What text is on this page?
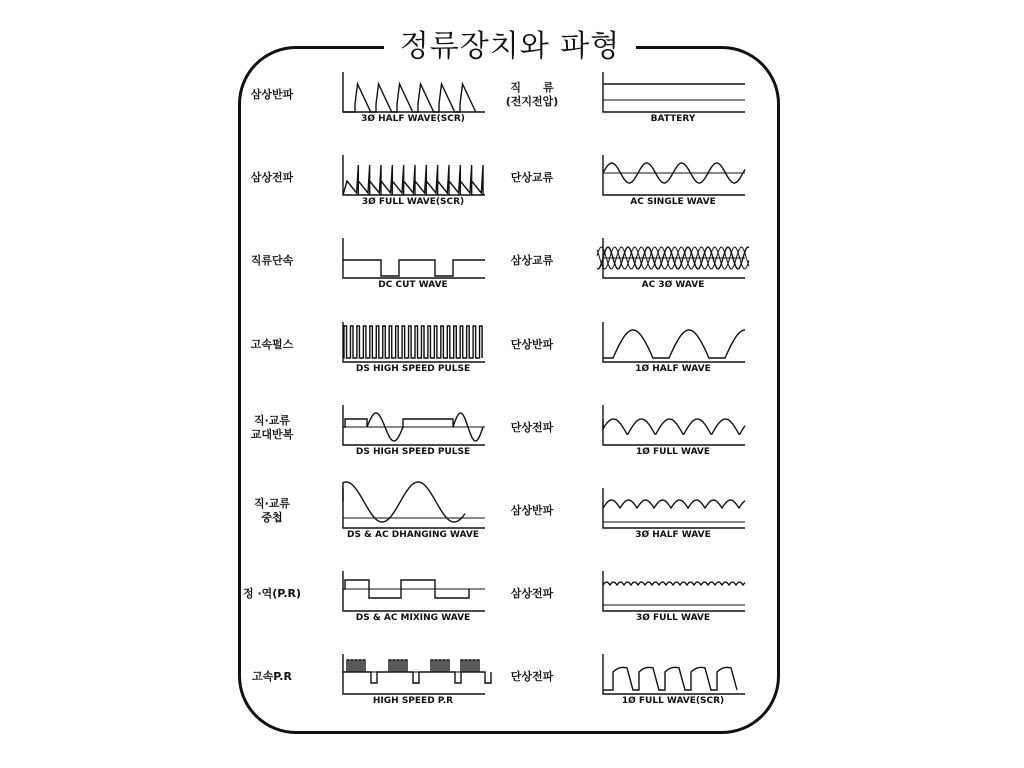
정류장치와 파형
삼상반파
3Ø HALF WAVE(SCR)
삼상전파
3Ø FULL WAVE(SCR)
직류단속
DC CUT WAVE
고속펄스
DS HIGH SPEED PULSE
직·교류
교대반복
DS HIGH SPEED PULSE
직·교류
중첩
DS & AC DHANGING WAVE
정 ·역(P.R)
DS & AC MIXING WAVE
고속P.R
HIGH SPEED P.R
직　　류
(전지전압)
BATTERY
단상교류
AC SINGLE WAVE
삼상교류
AC 3Ø WAVE
단상반파
1Ø HALF WAVE
단상전파
1Ø FULL WAVE
삼상반파
3Ø HALF WAVE
삼상전파
3Ø FULL WAVE
단상전파
1Ø FULL WAVE(SCR)
